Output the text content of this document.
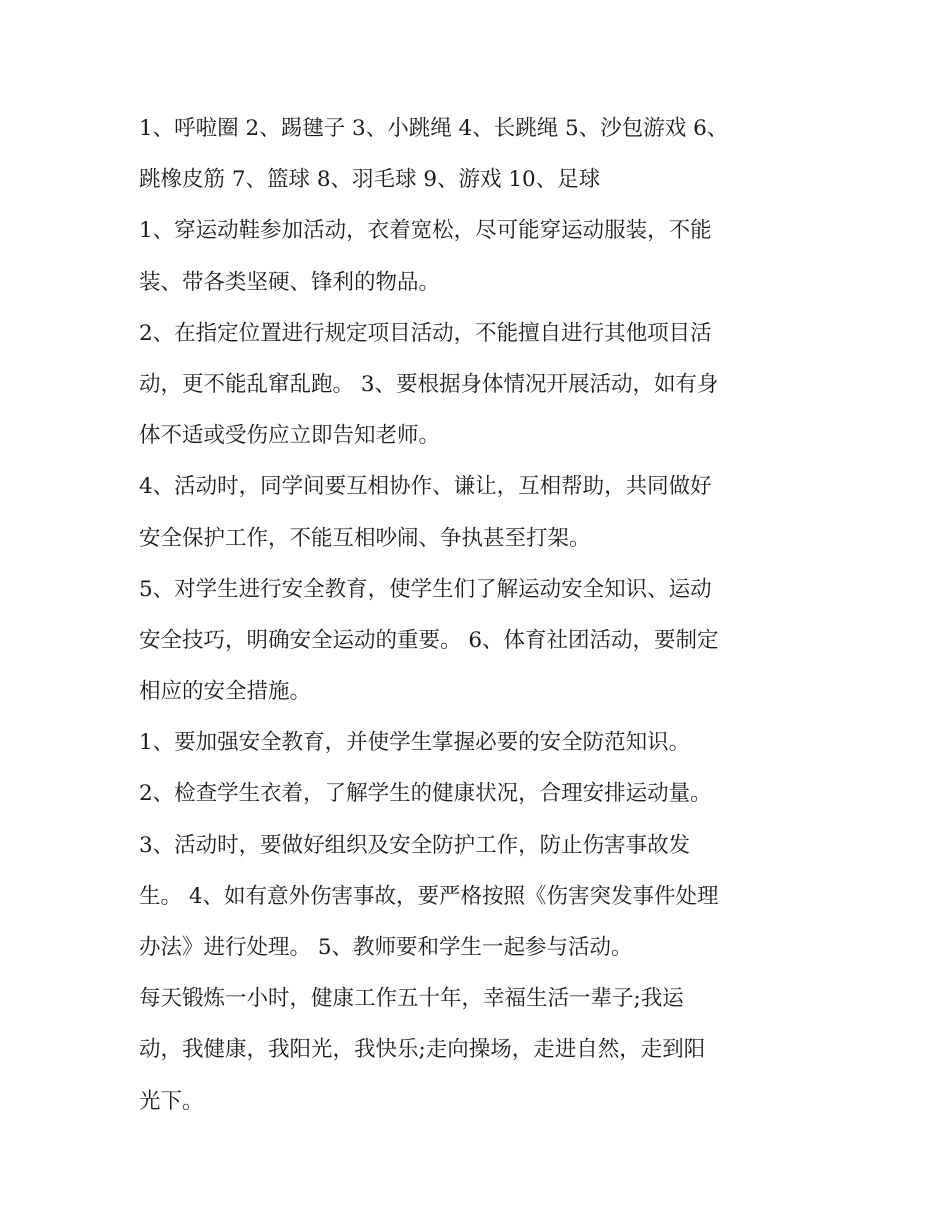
1、呼啦圈 2、踢毽子 3、小跳绳 4、长跳绳 5、沙包游戏 6、

跳橡皮筋 7、篮球 8、羽毛球 9、游戏 10、足球

1、穿运动鞋参加活动，衣着宽松，尽可能穿运动服装，不能

装、带各类坚硬、锋利的物品。

2、在指定位置进行规定项目活动，不能擅自进行其他项目活

动，更不能乱窜乱跑。 3、要根据身体情况开展活动，如有身

体不适或受伤应立即告知老师。

4、活动时，同学间要互相协作、谦让，互相帮助，共同做好

安全保护工作，不能互相吵闹、争执甚至打架。

5、对学生进行安全教育，使学生们了解运动安全知识、运动

安全技巧，明确安全运动的重要。 6、体育社团活动，要制定

相应的安全措施。

1、要加强安全教育，并使学生掌握必要的安全防范知识。

2、检查学生衣着，了解学生的健康状况，合理安排运动量。

3、活动时，要做好组织及安全防护工作，防止伤害事故发

生。 4、如有意外伤害事故，要严格按照《伤害突发事件处理

办法》进行处理。 5、教师要和学生一起参与活动。

每天锻炼一小时，健康工作五十年，幸福生活一辈子;我运

动，我健康，我阳光，我快乐;走向操场，走进自然，走到阳

光下。
